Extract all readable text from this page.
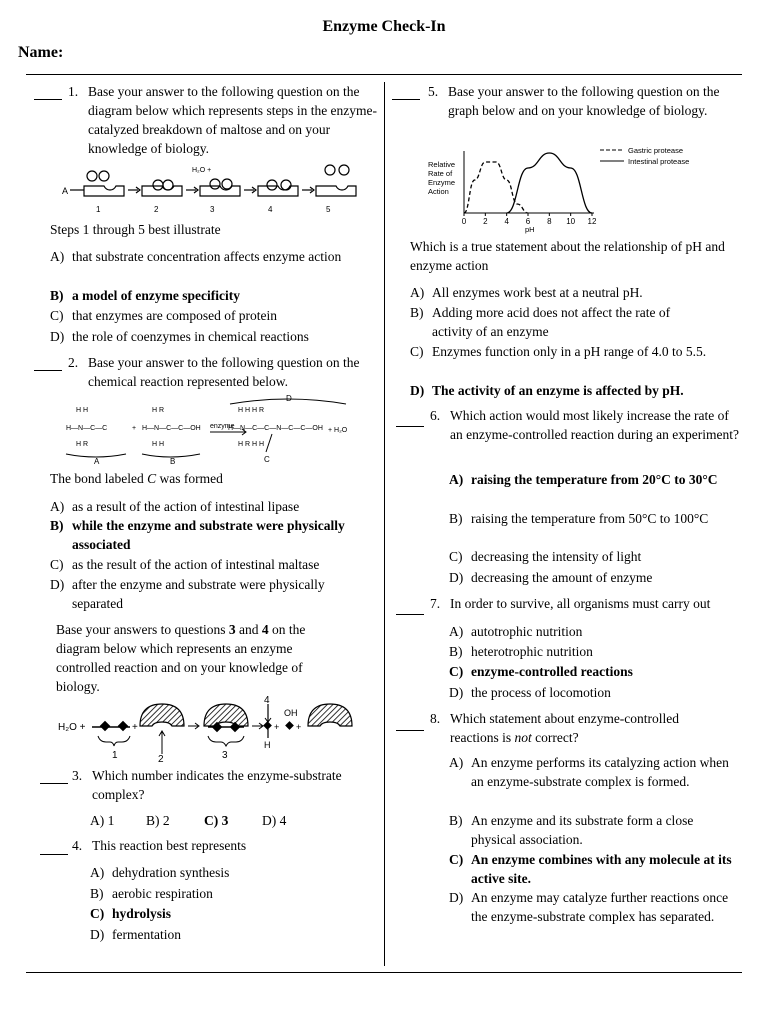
Enzyme Check-In
Name:
1. Base your answer to the following question on the diagram below which represents steps in the enzyme-catalyzed breakdown of maltose and on your knowledge of biology.
A
H₂O +
1	2	3	4	5
Steps 1 through 5 best illustrate
A) that substrate concentration affects enzyme action
B) a model of enzyme specificity
C) that enzymes are composed of protein
D) the role of coenzymes in chemical reactions
2. Base your answer to the following question on the chemical reaction represented below.
H—N—C—C
H H
H R
+ H—N—C—C—OH
H R
H H
enzyme
H—N—C—C—N—C—C—OH
H H H R
H R H H
A	B	C
D
+ H₂O
The bond labeled C was formed
A) as a result of the action of intestinal lipase
B) while the enzyme and substrate were physically associated
C) as the result of the action of intestinal maltase
D) after the enzyme and substrate were physically separated
Base your answers to questions 3 and 4 on the diagram below which represents an enzyme controlled reaction and on your knowledge of biology.
H₂O +	+	+ +
OH
H
1	2	3
4
3. Which number indicates the enzyme-substrate complex?
A) 1 B) 2	C) 3 D) 4
4. This reaction best represents
A) dehydration synthesis
B) aerobic respiration
C) hydrolysis
D) fermentation
5. Base your answer to the following question on the graph below and on your knowledge of biology.
0 2 4 6 8 10 12
Relative
Rate of
Enzyme
Action
pH
Gastric protease
Intestinal protease
Which is a true statement about the relationship of pH and enzyme action
A) All enzymes work best at a neutral pH.
B) Adding more acid does not affect the rate of activity of an enzyme
C) Enzymes function only in a pH range of 4.0 to 5.5.
D) The activity of an enzyme is affected by pH.
6. Which action would most likely increase the rate of an enzyme-controlled reaction during an experiment?
A) raising the temperature from 20°C to 30°C
B) raising the temperature from 50°C to 100°C
C) decreasing the intensity of light
D) decreasing the amount of enzyme
7. In order to survive, all organisms must carry out
A) autotrophic nutrition
B) heterotrophic nutrition
C) enzyme-controlled reactions
D) the process of locomotion
8. Which statement about enzyme-controlled reactions is not correct?
A) An enzyme performs its catalyzing action when an enzyme-substrate complex is formed.
B) An enzyme and its substrate form a close physical association.
C) An enzyme combines with any molecule at its active site.
D) An enzyme may catalyze further reactions once the enzyme-substrate complex has separated.
